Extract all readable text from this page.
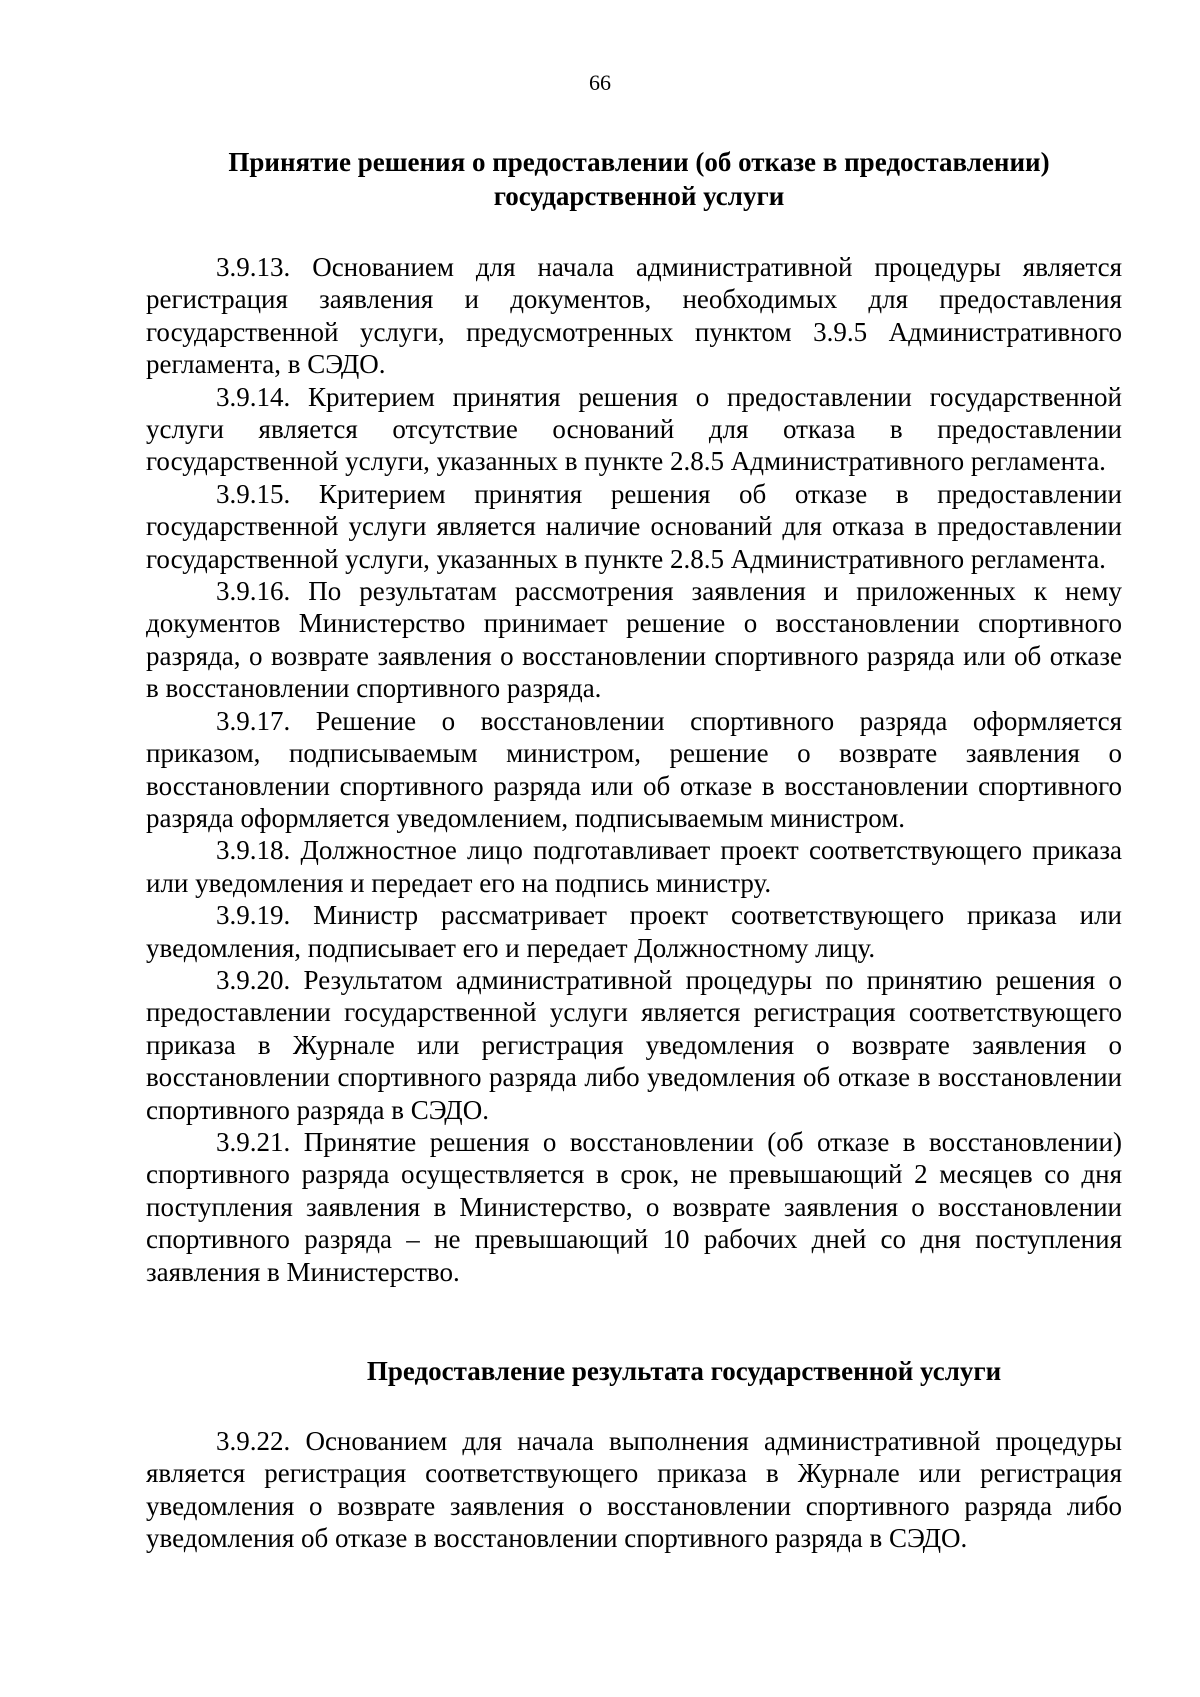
66
Принятие решения о предоставлении (об отказе в предоставлении) государственной услуги

3.9.13. Основанием для начала административной процедуры является регистрация заявления и документов, необходимых для предоставления государственной услуги, предусмотренных пунктом 3.9.5 Административного регламента, в СЭДО.

3.9.14. Критерием принятия решения о предоставлении государственной услуги является отсутствие оснований для отказа в предоставлении государственной услуги, указанных в пункте 2.8.5 Административного регламента.

3.9.15. Критерием принятия решения об отказе в предоставлении государственной услуги является наличие оснований для отказа в предоставлении государственной услуги, указанных в пункте 2.8.5 Административного регламента.

3.9.16. По результатам рассмотрения заявления и приложенных к нему документов Министерство принимает решение о восстановлении спортивного разряда, о возврате заявления о восстановлении спортивного разряда или об отказе в восстановлении спортивного разряда.

3.9.17. Решение о восстановлении спортивного разряда оформляется приказом, подписываемым министром, решение о возврате заявления о восстановлении спортивного разряда или об отказе в восстановлении спортивного разряда оформляется уведомлением, подписываемым министром.

3.9.18. Должностное лицо подготавливает проект соответствующего приказа или уведомления и передает его на подпись министру.

3.9.19. Министр рассматривает проект соответствующего приказа или уведомления, подписывает его и передает Должностному лицу.

3.9.20. Результатом административной процедуры по принятию решения о предоставлении государственной услуги является регистрация соответствующего приказа в Журнале или регистрация уведомления о возврате заявления о восстановлении спортивного разряда либо уведомления об отказе в восстановлении спортивного разряда в СЭДО.

3.9.21. Принятие решения о восстановлении (об отказе в восстановлении) спортивного разряда осуществляется в срок, не превышающий 2 месяцев со дня поступления заявления в Министерство, о возврате заявления о восстановлении спортивного разряда – не превышающий 10 рабочих дней со дня поступления заявления в Министерство.

Предоставление результата государственной услуги

3.9.22. Основанием для начала выполнения административной процедуры является регистрация соответствующего приказа в Журнале или регистрация уведомления о возврате заявления о восстановлении спортивного разряда либо уведомления об отказе в восстановлении спортивного разряда в СЭДО.
